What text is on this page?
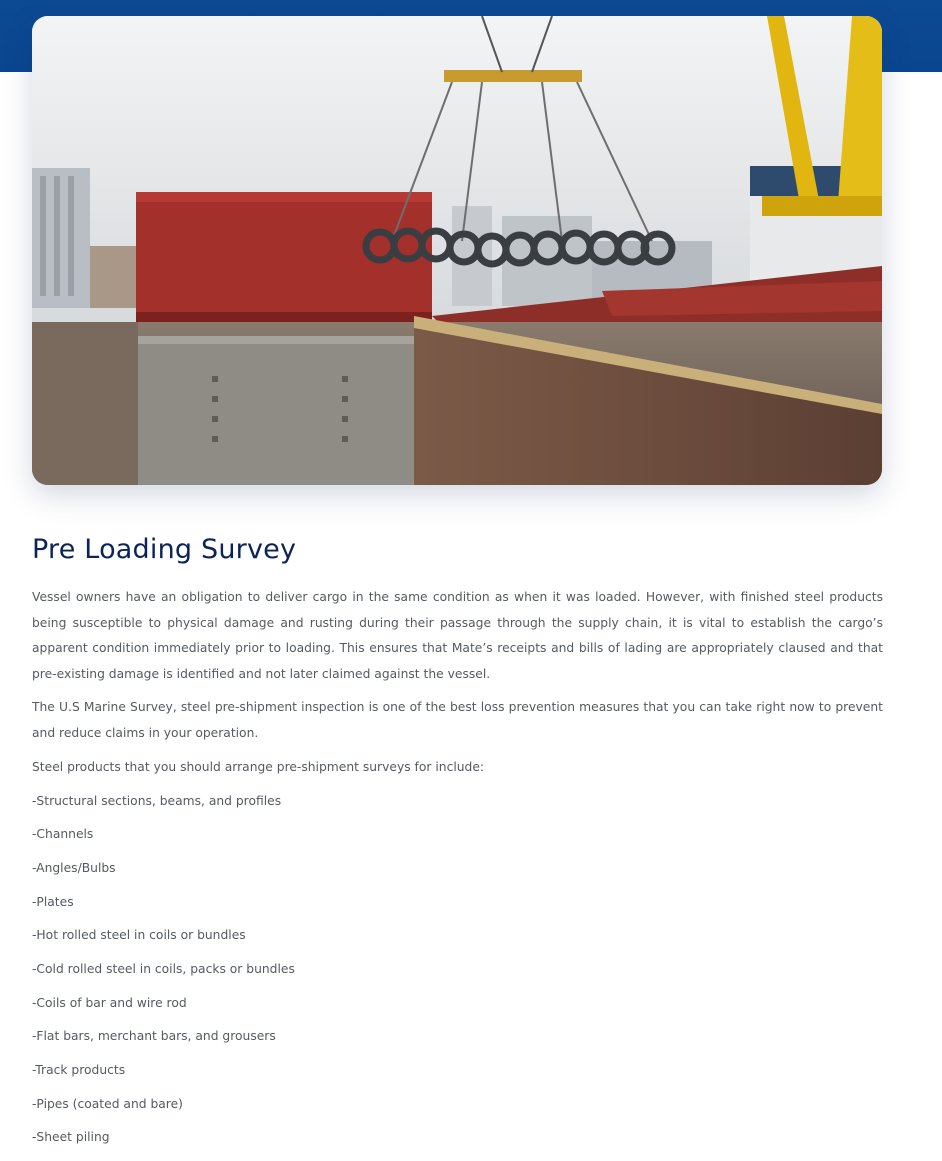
Pre Loading Survey

Vessel owners have an obligation to deliver cargo in the same condition as when it was loaded. However, with finished steel products being susceptible to physical damage and rusting during their passage through the supply chain, it is vital to establish the cargo’s apparent condition immediately prior to loading. This ensures that Mate’s receipts and bills of lading are appropriately claused and that pre-existing damage is identified and not later claimed against the vessel.

The U.S Marine Survey, steel pre-shipment inspection is one of the best loss prevention measures that you can take right now to prevent and reduce claims in your operation.

Steel products that you should arrange pre-shipment surveys for include:

-Structural sections, beams, and profiles
-Channels
-Angles/Bulbs
-Plates
-Hot rolled steel in coils or bundles
-Cold rolled steel in coils, packs or bundles
-Coils of bar and wire rod
-Flat bars, merchant bars, and grousers
-Track products
-Pipes (coated and bare)
-Sheet piling
